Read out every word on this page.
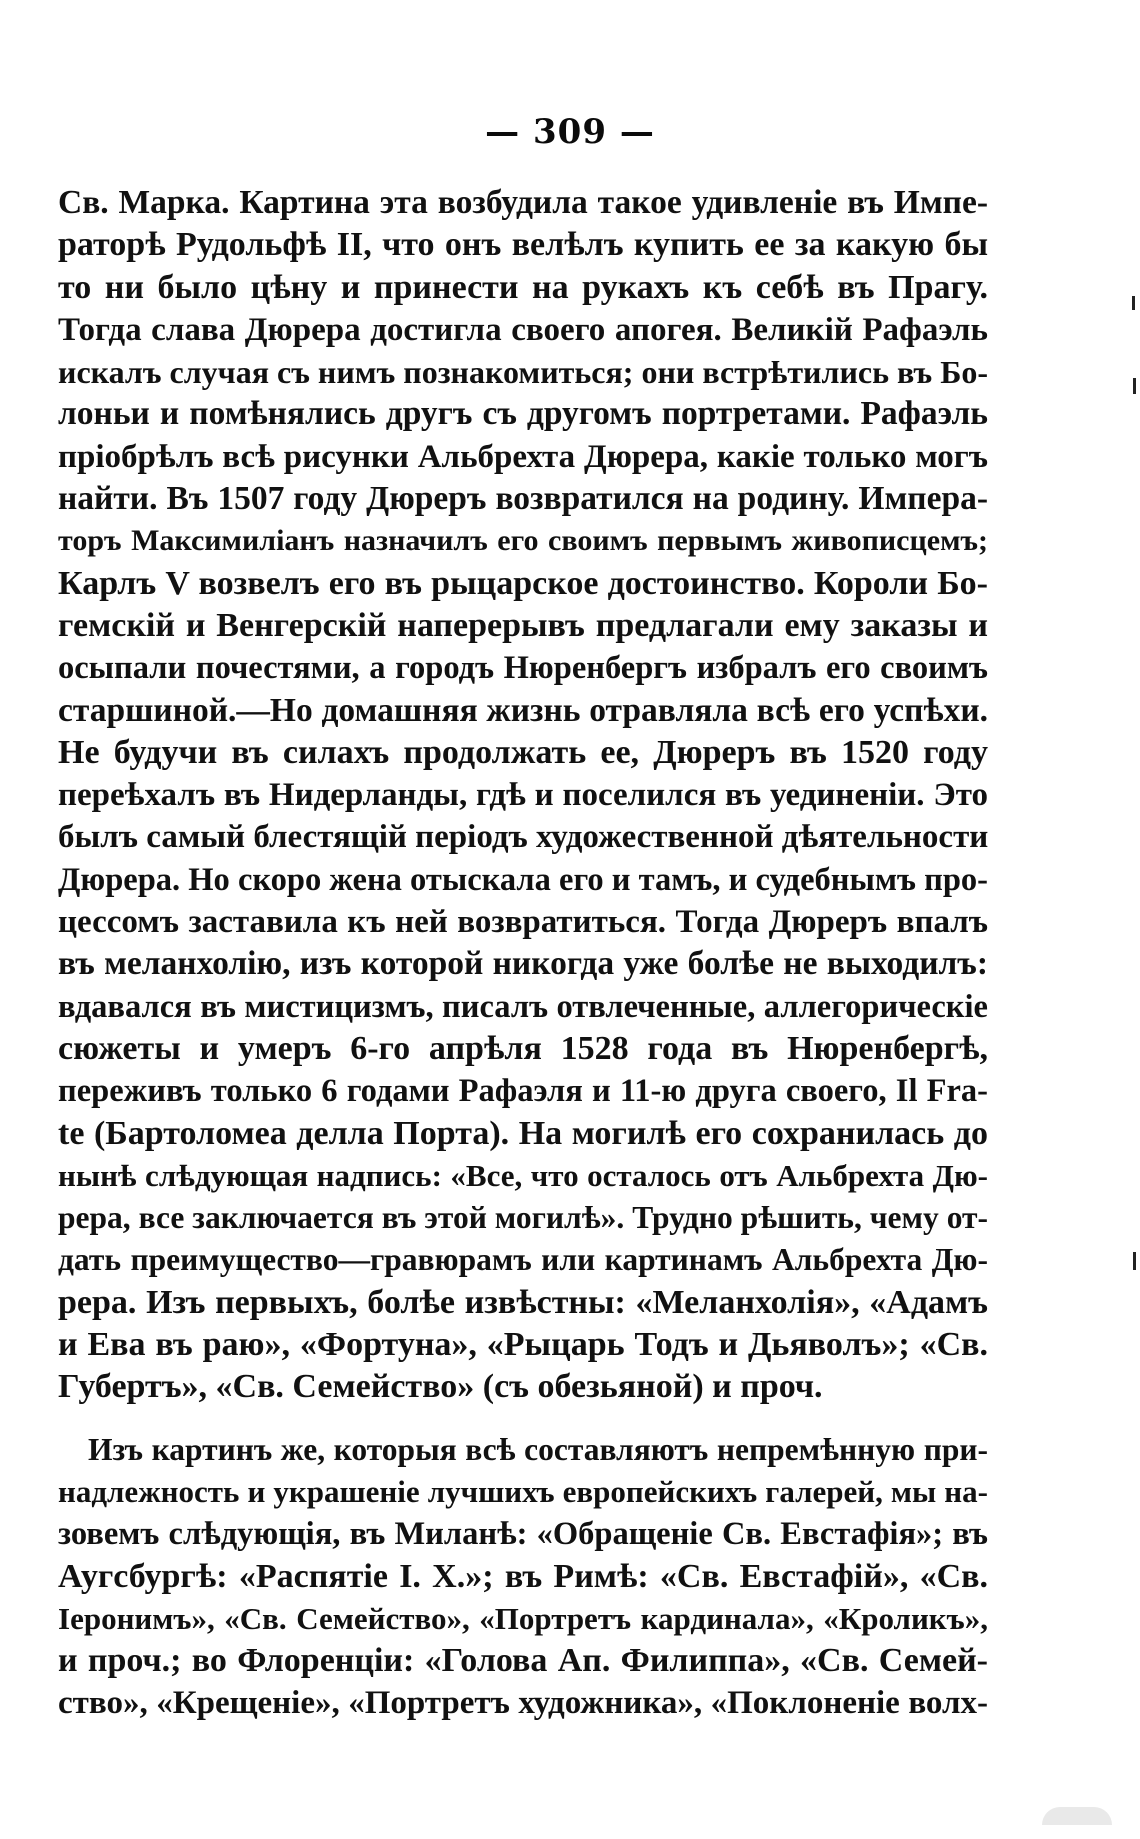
— 309 —
Св. Марка. Картина эта возбудила такое удивленіе въ Импе-
раторѣ Рудольфѣ II, что онъ велѣлъ купить ее за какую бы
то ни было цѣну и принести на рукахъ къ себѣ въ Прагу.
Тогда слава Дюрера достигла своего апогея. Великій Рафаэль
искалъ случая съ нимъ познакомиться; они встрѣтились въ Бо-
лоньи и помѣнялись другъ съ другомъ портретами. Рафаэль
пріобрѣлъ всѣ рисунки Альбрехта Дюрера, какіе только могъ
найти. Въ 1507 году Дюреръ возвратился на родину. Импера-
торъ Максимиліанъ назначилъ его своимъ первымъ живописцемъ;
Карлъ V возвелъ его въ рыцарское достоинство. Короли Бо-
гемскій и Венгерскій наперерывъ предлагали ему заказы и
осыпали почестями, а городъ Нюренбергъ избралъ его своимъ
старшиной.—Но домашняя жизнь отравляла всѣ его успѣхи.
Не будучи въ силахъ продолжать ее, Дюреръ въ 1520 году
переѣхалъ въ Нидерланды, гдѣ и поселился въ уединеніи. Это
былъ самый блестящій періодъ художественной дѣятельности
Дюрера. Но скоро жена отыскала его и тамъ, и судебнымъ про-
цессомъ заставила къ ней возвратиться. Тогда Дюреръ впалъ
въ меланхолію, изъ которой никогда уже болѣе не выходилъ:
вдавался въ мистицизмъ, писалъ отвлеченные, аллегорическіе
сюжеты и умеръ 6-го апрѣля 1528 года въ Нюренбергѣ,
переживъ только 6 годами Рафаэля и 11-ю друга своего, Il Fra-
te (Бартоломеа делла Порта). На могилѣ его сохранилась до
нынѣ слѣдующая надпись: «Все, что осталось отъ Альбрехта Дю-
рера, все заключается въ этой могилѣ». Трудно рѣшить, чему от-
дать преимущество—гравюрамъ или картинамъ Альбрехта Дю-
рера. Изъ первыхъ, болѣе извѣстны: «Меланхолія», «Адамъ
и Ева въ раю», «Фортуна», «Рыцарь Тодъ и Дьяволъ»; «Св.
Губертъ», «Св. Семейство» (съ обезьяной) и проч.
Изъ картинъ же, которыя всѣ составляютъ непремѣнную при-
надлежность и украшеніе лучшихъ европейскихъ галерей, мы на-
зовемъ слѣдующія, въ Миланѣ: «Обращеніе Св. Евстафія»; въ
Аугсбургѣ: «Распятіе І. Х.»; въ Римѣ: «Св. Евстафій», «Св.
Іеронимъ», «Св. Семейство», «Портретъ кардинала», «Кроликъ»,
и проч.; во Флоренціи: «Голова Ап. Филиппа», «Св. Семей-
ство», «Крещеніе», «Портретъ художника», «Поклоненіе волх-
